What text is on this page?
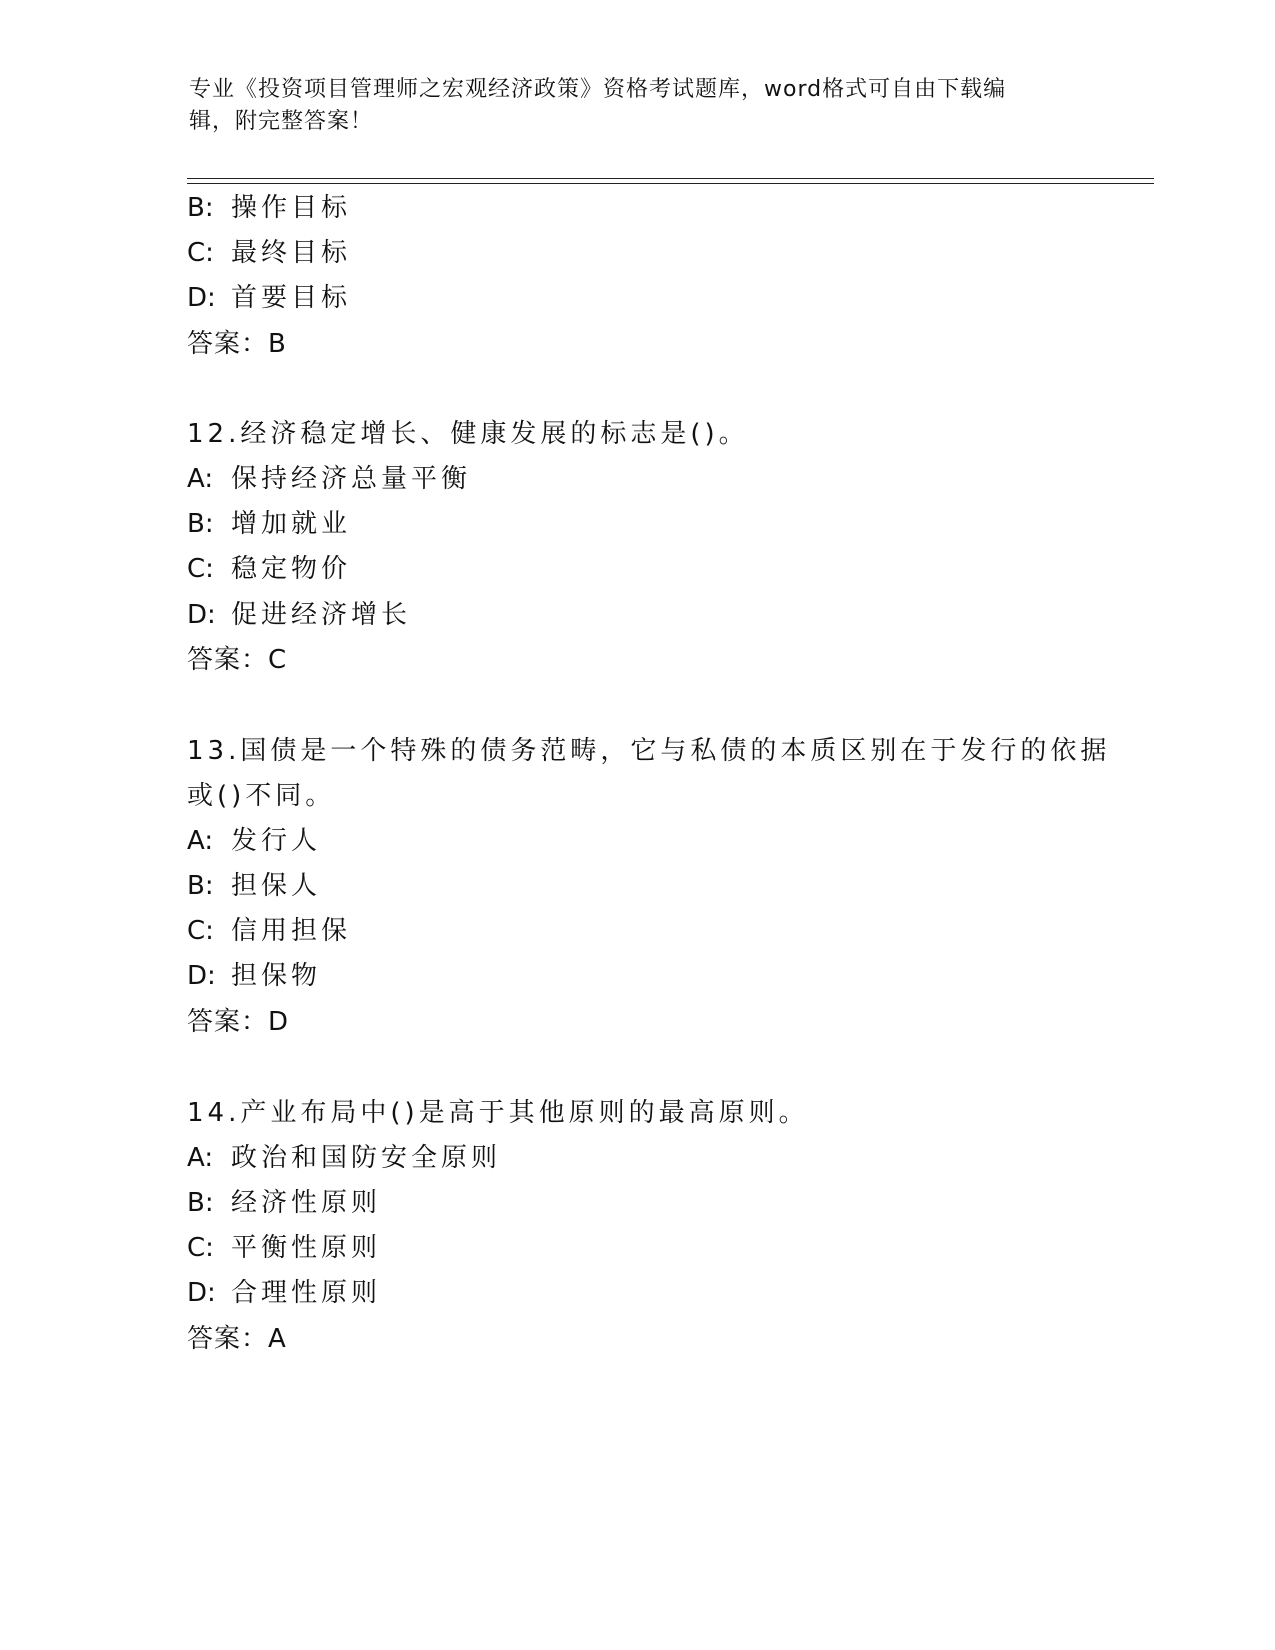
专业《投资项目管理师之宏观经济政策》资格考试题库，word格式可自由下载编
辑，附完整答案！
B: 操作目标
C: 最终目标
D: 首要目标
答案：B
12.经济稳定增长、健康发展的标志是()。
A: 保持经济总量平衡
B: 增加就业
C: 稳定物价
D: 促进经济增长
答案：C
13.国债是一个特殊的债务范畴，它与私债的本质区别在于发行的依据
或()不同。
A: 发行人
B: 担保人
C: 信用担保
D: 担保物
答案：D
14.产业布局中()是高于其他原则的最高原则。
A: 政治和国防安全原则
B: 经济性原则
C: 平衡性原则
D: 合理性原则
答案：A
